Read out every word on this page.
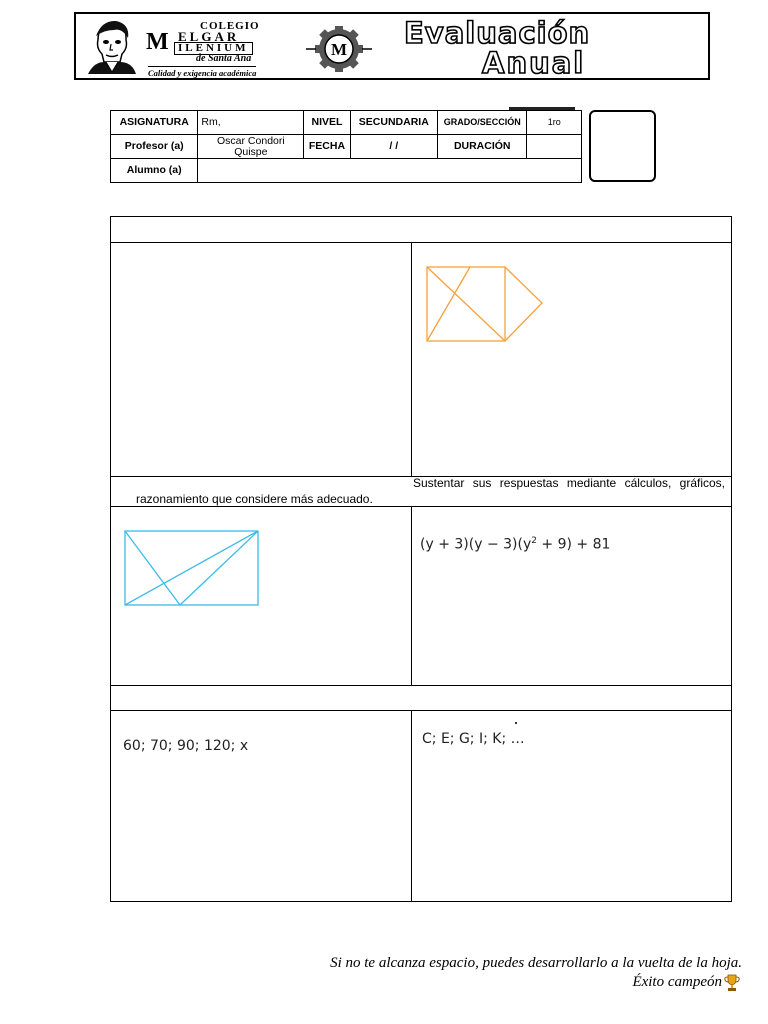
COLEGIO
M ELGAR
ILENIUM
de Santa Ana
Calidad y exigencia académica
M Evaluación
Anual
ASIGNATURA	Rm,	NIVEL	SECUNDARIA	GRADO/SECCIÓN	1ro
Profesor (a)	Oscar Condori Quispe	FECHA	/ /	DURACIÓN	
Alumno (a)					
Sustentar sus respuestas mediante cálculos, gráficos,
razonamiento que considere más adecuado.
$(y + 3)(y - 3)(y^2 + 9) + 81$
60; 70; 90; 120; x	C; E; G; I; K; …
Si no te alcanza espacio, puedes desarrollarlo a la vuelta de la hoja.
Éxito campeón
